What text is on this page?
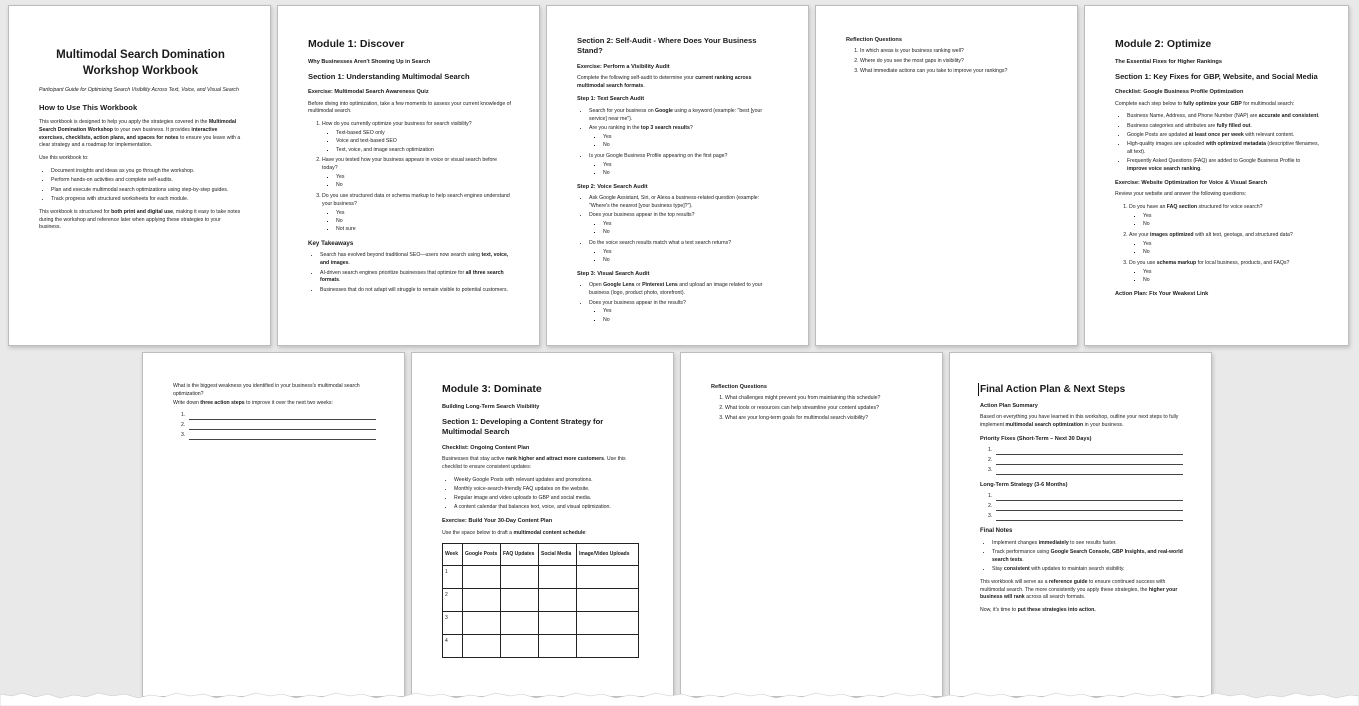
Multimodal Search Domination Workshop Workbook

Participant Guide for Optimizing Search Visibility Across Text, Voice, and Visual Search

How to Use This Workbook

This workbook is designed to help you apply the strategies covered in the Multimodal Search Domination Workshop to your own business. It provides interactive exercises, checklists, action plans, and spaces for notes to ensure you leave with a clear strategy and a roadmap for implementation.

Use this workbook to:

• Document insights and ideas as you go through the workshop.
• Perform hands-on activities and complete self-audits.
• Plan and execute multimodal search optimizations using step-by-step guides.
• Track progress with structured worksheets for each module.

This workbook is structured for both print and digital use, making it easy to take notes during the workshop and reference later when applying these strategies to your business.

Module 1: Discover
Why Businesses Aren't Showing Up in Search
Section 1: Understanding Multimodal Search
Exercise: Multimodal Search Awareness Quiz

Before diving into optimization, take a few moments to assess your current knowledge of multimodal search.

1. How do you currently optimize your business for search visibility?
▪ Text-based SEO only
▪ Voice and text-based SEO
▪ Text, voice, and image search optimization
2. Have you tested how your business appears in voice or visual search before today?
▪ Yes
▪ No
3. Do you use structured data or schema markup to help search engines understand your business?
▪ Yes
▪ No
▪ Not sure
Key Takeaways
• Search has evolved beyond traditional SEO—users now search using text, voice, and images.
• AI-driven search engines prioritize businesses that optimize for all three search formats.
• Businesses that do not adapt will struggle to remain visible to potential customers.
Section 2: Self-Audit - Where Does Your Business Stand?
Exercise: Perform a Visibility Audit

Complete the following self-audit to determine your current ranking across multimodal search formats.

Step 1: Text Search Audit
• Search for your business on Google using a keyword (example: "best [your service] near me").
• Are you ranking in the top 3 search results?
▪ Yes
▪ No
• Is your Google Business Profile appearing on the first page?
▪ Yes
▪ No
Step 2: Voice Search Audit
• Ask Google Assistant, Siri, or Alexa a business-related question (example: "Where's the nearest [your business type]?").
• Does your business appear in the top results?
▪ Yes
▪ No
• Do the voice search results match what a text search returns?
▪ Yes
▪ No
Step 3: Visual Search Audit
• Open Google Lens or Pinterest Lens and upload an image related to your business (logo, product photo, storefront).
• Does your business appear in the results?
▪ Yes
▪ No
Reflection Questions
1. In which areas is your business ranking well?
2. Where do you see the most gaps in visibility?
3. What immediate actions can you take to improve your rankings?
Module 2: Optimize
The Essential Fixes for Higher Rankings
Section 1: Key Fixes for GBP, Website, and Social Media
Checklist: Google Business Profile Optimization

Complete each step below to fully optimize your GBP for multimodal search:

• Business Name, Address, and Phone Number (NAP) are accurate and consistent.
• Business categories and attributes are fully filled out.
• Google Posts are updated at least once per week with relevant content.
• High-quality images are uploaded with optimized metadata (descriptive filenames, alt text).
• Frequently Asked Questions (FAQ) are added to Google Business Profile to improve voice search ranking.
Exercise: Website Optimization for Voice & Visual Search

Review your website and answer the following questions:

1. Do you have an FAQ section structured for voice search?
▪ Yes
▪ No
2. Are your images optimized with alt text, geotags, and structured data?
▪ Yes
▪ No
3. Do you use schema markup for local business, products, and FAQs?
▪ Yes
▪ No
Action Plan: Fix Your Weakest Link

What is the biggest weakness you identified in your business's multimodal search optimization?

Write down three action steps to improve it over the next two weeks:

1.
2.
3.
Module 3: Dominate
Building Long-Term Search Visibility
Section 1: Developing a Content Strategy for Multimodal Search
Checklist: Ongoing Content Plan

Businesses that stay active rank higher and attract more customers. Use this checklist to ensure consistent updates:

• Weekly Google Posts with relevant updates and promotions.
• Monthly voice-search-friendly FAQ updates on the website.
• Regular image and video uploads to GBP and social media.
• A content calendar that balances text, voice, and visual optimization.
Exercise: Build Your 30-Day Content Plan

Use the space below to draft a multimodal content schedule:

Week	Google Posts	FAQ Updates	Social Media	Image/Video Uploads
1				
2				
3				
4				
Reflection Questions
1. What challenges might prevent you from maintaining this schedule?
2. What tools or resources can help streamline your content updates?
3. What are your long-term goals for multimodal search visibility?
Final Action Plan & Next Steps
Action Plan Summary

Based on everything you have learned in this workshop, outline your next steps to fully implement multimodal search optimization in your business.

Priority Fixes (Short-Term – Next 30 Days)
1.
2.
3.
Long-Term Strategy (3-6 Months)
1.
2.
3.
Final Notes
• Implement changes immediately to see results faster.
• Track performance using Google Search Console, GBP Insights, and real-world search tests.
• Stay consistent with updates to maintain search visibility.

This workbook will serve as a reference guide to ensure continued success with multimodal search. The more consistently you apply these strategies, the higher your business will rank across all search formats.

Now, it's time to put these strategies into action.
